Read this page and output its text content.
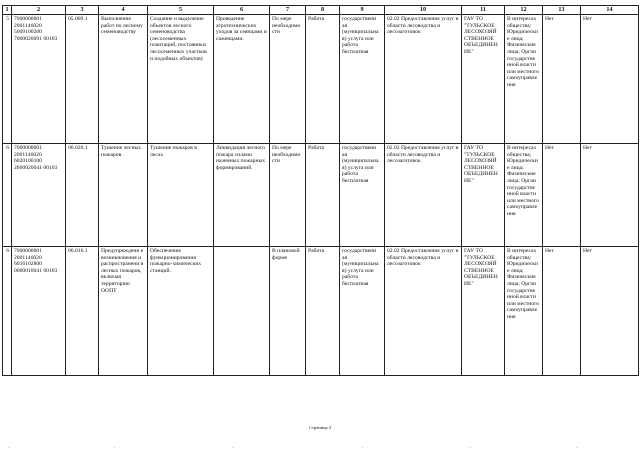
1	2	3	4	5	6	7	8	9	10	11	12	13	14
5	7000000001 2001146020 5009100200 7000020091 00103	05.009.1	Выполнение работ по лесному семеноводству	Создание и выделение объектов лесного семеноводства (лесосеменных плантаций, постоянных лесосеменных участков и подобных объектов)	Проведение агротехнических уходов за сеянцами и саженцами.	По мере необходимо сти	Работа	государственн ая (муниципальна я) услуга или работа бесплатная	02.02 Предоставление услуг в области лесоводства и лесозаготовок	ГАУ ТО "ТУЛЬСКОЕ ЛЕСОХОЗЯЙ СТВЕННОЕ ОБЪЕДИНЕН ИЕ"	В интересах общества; Юридически е лица; Физические лица; Орган государстве нной власти или местного самоуправле ния	Нет	Нет
6	7000000001 2001146020 6020100100 2000020041 00103	06.020.1	Тушение лесных пожаров	Тушение пожаров в лесах	Ликвидация лесного пожара силами наземных пожарных формирований.	По мере необходимо сти	Работа	государственн ая (муниципальна я) услуга или работа бесплатная	02.02 Предоставление услуг в области лесоводства и лесозаготовок	ГАУ ТО "ТУЛЬСКОЕ ЛЕСОХОЗЯЙ СТВЕННОЕ ОБЪЕДИНЕН ИЕ"	В интересах общества; Юридически е лица; Физические лица; Орган государстве нной власти или местного самоуправле ния	Нет	Нет
6	7000000001 2001146020 6016102800 0000010041 00103	06.016.1	Предупреждени е возникновения и распространени я лесных пожаров, включая территорию ООПТ	Обеспечение функционирования пожарно-химических станций.		В плановой форме	Работа	государственн ая (муниципальна я) услуга или работа бесплатная	02.02 Предоставление услуг в области лесоводства и лесозаготовок	ГАУ ТО "ТУЛЬСКОЕ ЛЕСОХОЗЯЙ СТВЕННОЕ ОБЪЕДИНЕН ИЕ"	В интересах общества; Юридически е лица; Физические лица; Орган государстве нной власти или местного самоуправле ния	Нет	Нет
Страница 4
·	·	·	·	·	·
